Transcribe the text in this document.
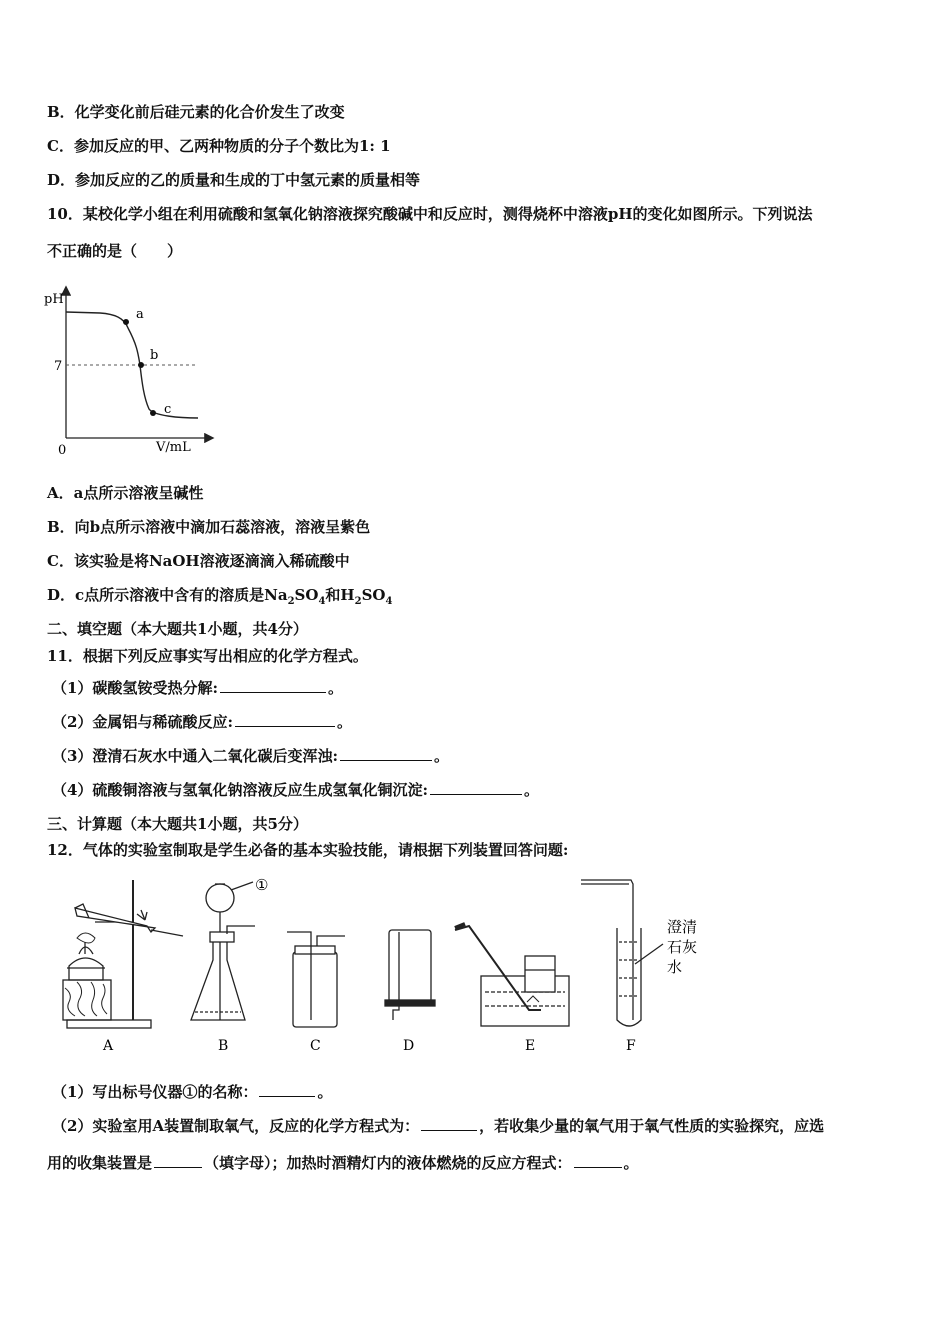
B．化学变化前后硅元素的化合价发生了改变
C．参加反应的甲、乙两种物质的分子个数比为1: 1
D．参加反应的乙的质量和生成的丁中氢元素的质量相等
10．某校化学小组在利用硫酸和氢氧化钠溶液探究酸碱中和反应时，测得烧杯中溶液pH的变化如图所示。下列说法
不正确的是（　　）
a
b
c
pH
7
0	V/mL
A．a点所示溶液呈碱性
B．向b点所示溶液中滴加石蕊溶液，溶液呈紫色
C．该实验是将NaOH溶液逐滴滴入稀硫酸中
D．c点所示溶液中含有的溶质是$Na_2SO_4$和$H_2SO_4$
二、填空题（本大题共1小题，共4分）
11．根据下列反应事实写出相应的化学方程式。
（1）碳酸氢铵受热分解:	。
（2）金属铝与稀硫酸反应:	。
（3）澄清石灰水中通入二氧化碳后变浑浊:	。
（4）硫酸铜溶液与氢氧化钠溶液反应生成氢氧化铜沉淀:	。
三、计算题（本大题共1小题，共5分）
12．气体的实验室制取是学生必备的基本实验技能，请根据下列装置回答问题:
①
澄清
石灰
水
A	B	C	D	E	F
（1）写出标号仪器①的名称：	。
（2）实验室用A装置制取氧气，反应的化学方程式为：	，若收集少量的氧气用于氧气性质的实验探究，应选
用的收集装置是	（填字母）；加热时酒精灯内的液体燃烧的反应方程式：	。
